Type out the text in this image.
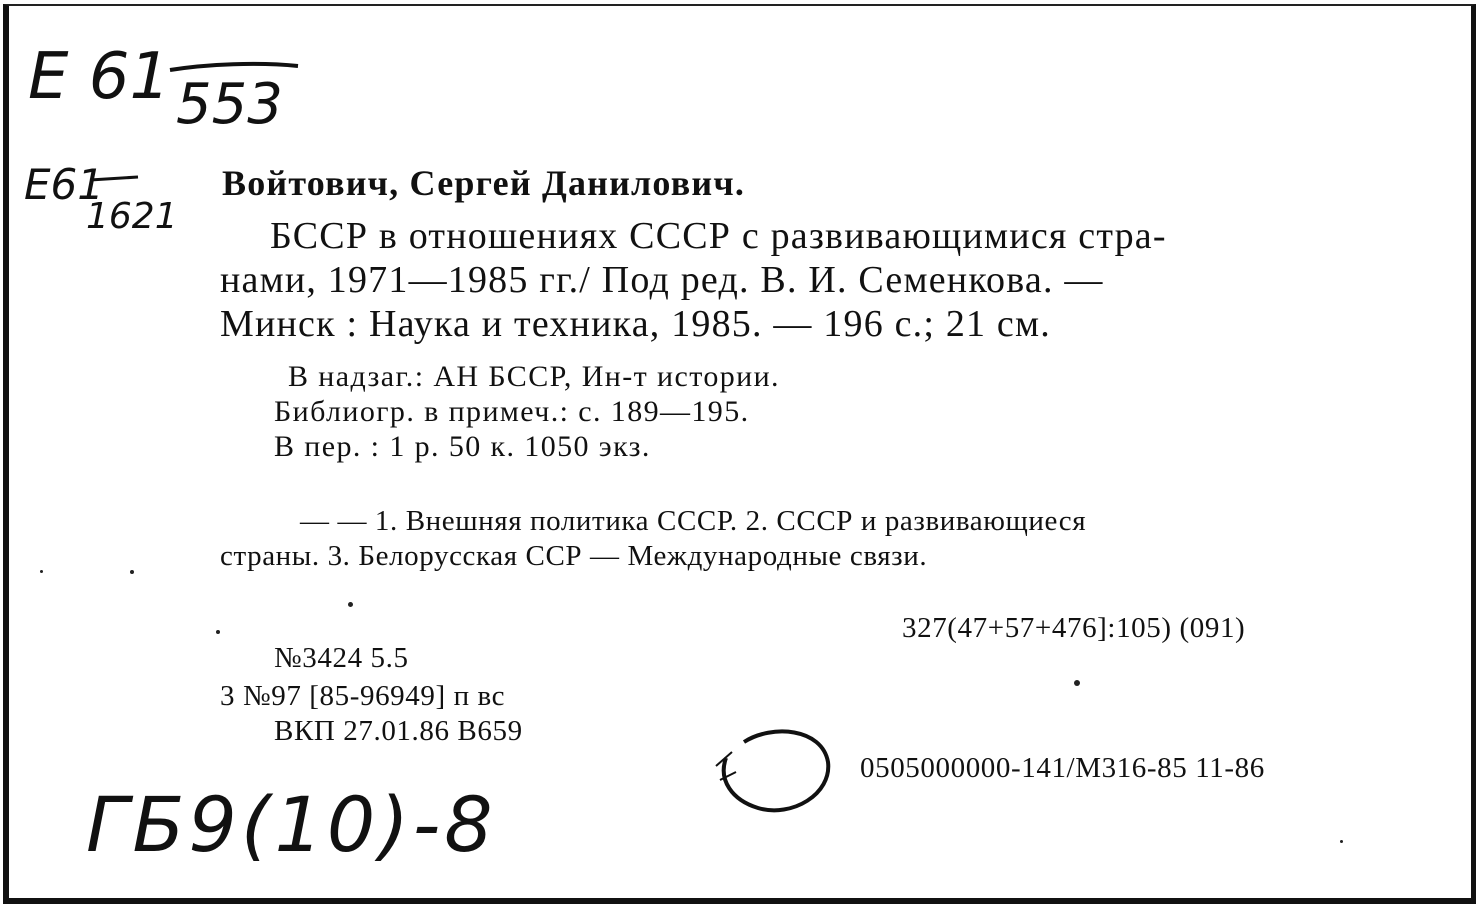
Е 61 553
Е61
1621
ГБ9(10)-8
Войтович, Сергей Данилович.
БССР в отношениях СССР с развивающимися стра-
нами, 1971—1985 гг./ Под ред. В. И. Семенкова. —
Минск : Наука и техника, 1985. — 196 с.; 21 см.
В надзаг.: АН БССР, Ин-т истории.
Библиогр. в примеч.: с. 189—195.
В пер. : 1 р. 50 к. 1050 экз.
— — 1. Внешняя политика СССР. 2. СССР и развивающиеся
страны. 3. Белорусская ССР — Международные связи.
327(47+57+476]:105) (091)
№3424 5.5
3 №97 [85-96949] п вс
ВКП 27.01.86 В659
0505000000-141/М316-85 11-86
